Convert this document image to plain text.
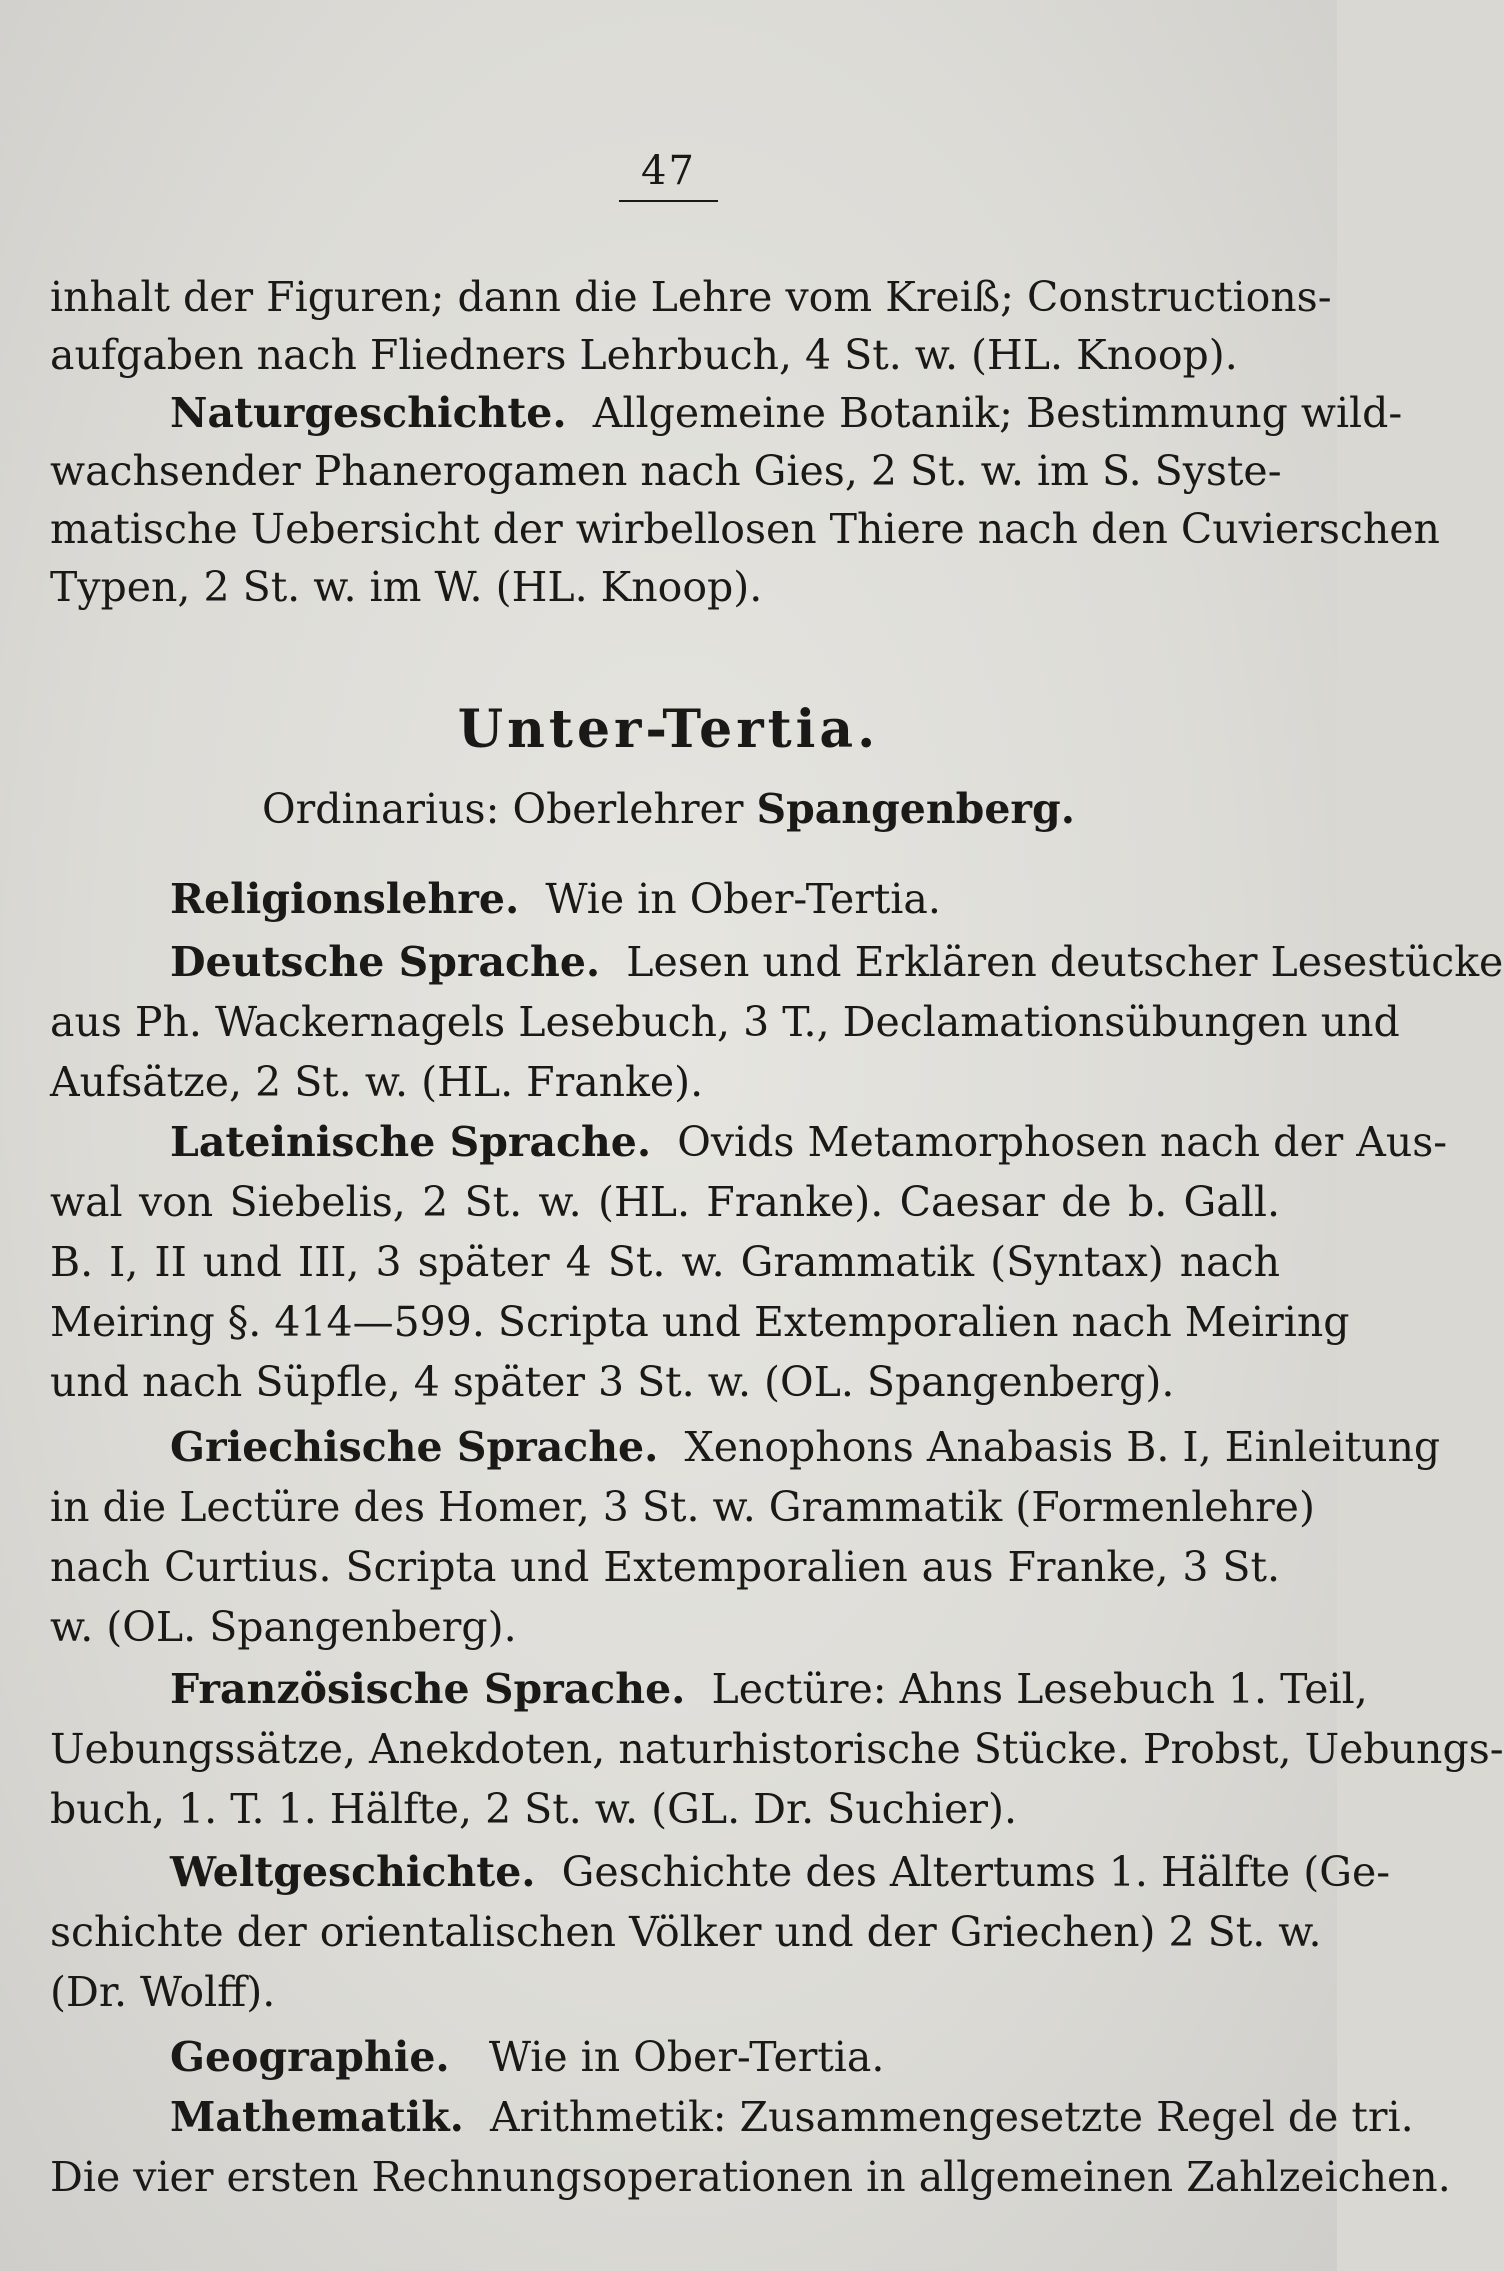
47
inhalt der Figuren; dann die Lehre vom Kreiß; Constructions-
aufgaben nach Fliedners Lehrbuch, 4 St. w. (HL. Knoop).
Naturgeschichte. Allgemeine Botanik; Bestimmung wild-
wachsender Phanerogamen nach Gies, 2 St. w. im S. Syste-
matische Uebersicht der wirbellosen Thiere nach den Cuvierschen
Typen, 2 St. w. im W. (HL. Knoop).
Unter-Tertia.
Ordinarius: Oberlehrer Spangenberg.
Religionslehre. Wie in Ober-Tertia.
Deutsche Sprache. Lesen und Erklären deutscher Lesestücke
aus Ph. Wackernagels Lesebuch, 3 T., Declamationsübungen und
Aufsätze, 2 St. w. (HL. Franke).
Lateinische Sprache. Ovids Metamorphosen nach der Aus-
wal von Siebelis, 2 St. w. (HL. Franke). Caesar de b. Gall.
B. I, II und III, 3 später 4 St. w. Grammatik (Syntax) nach
Meiring §. 414—599. Scripta und Extemporalien nach Meiring
und nach Süpfle, 4 später 3 St. w. (OL. Spangenberg).
Griechische Sprache. Xenophons Anabasis B. I, Einleitung
in die Lectüre des Homer, 3 St. w. Grammatik (Formenlehre)
nach Curtius. Scripta und Extemporalien aus Franke, 3 St.
w. (OL. Spangenberg).
Französische Sprache. Lectüre: Ahns Lesebuch 1. Teil,
Uebungssätze, Anekdoten, naturhistorische Stücke. Probst, Uebungs-
buch, 1. T. 1. Hälfte, 2 St. w. (GL. Dr. Suchier).
Weltgeschichte. Geschichte des Altertums 1. Hälfte (Ge-
schichte der orientalischen Völker und der Griechen) 2 St. w.
(Dr. Wolff).
Geographie. Wie in Ober-Tertia.
Mathematik. Arithmetik: Zusammengesetzte Regel de tri.
Die vier ersten Rechnungsoperationen in allgemeinen Zahlzeichen.
